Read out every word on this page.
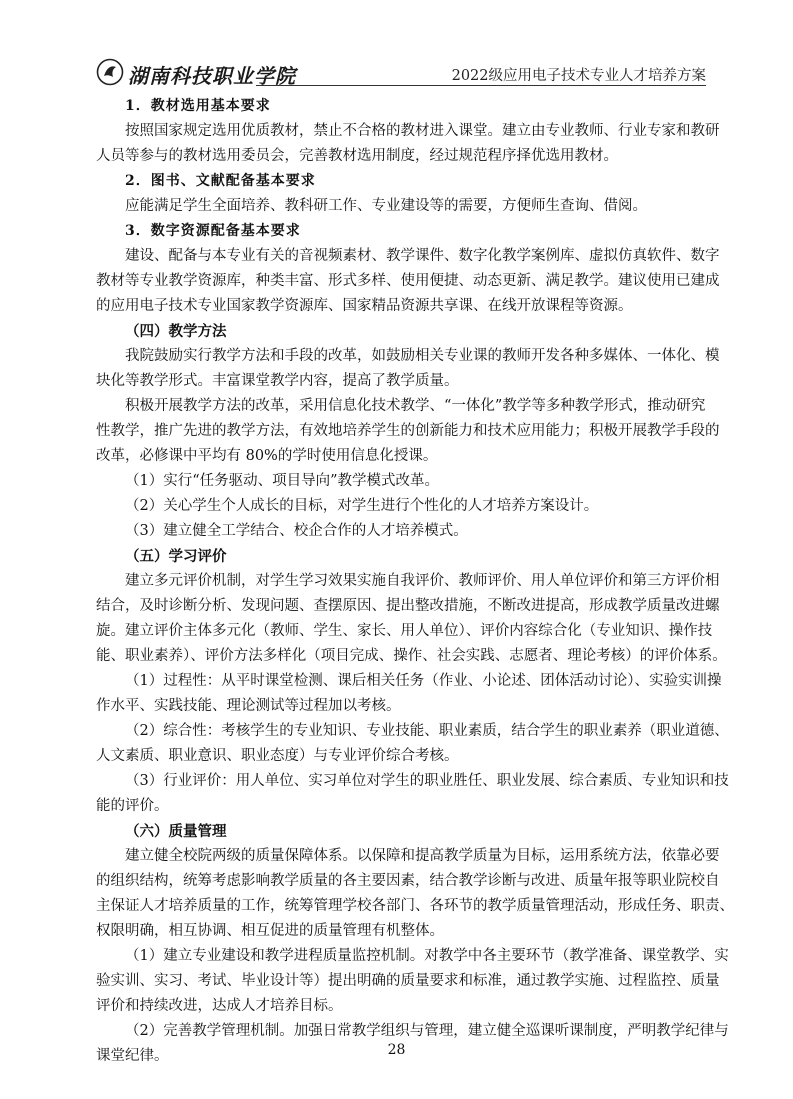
湖南科技职业学院	2022级应用电子技术专业人才培养方案
1．教材选用基本要求
按照国家规定选用优质教材，禁止不合格的教材进入课堂。建立由专业教师、行业专家和教研
人员等参与的教材选用委员会，完善教材选用制度，经过规范程序择优选用教材。
2．图书、文献配备基本要求
应能满足学生全面培养、教科研工作、专业建设等的需要，方便师生查询、借阅。
3．数字资源配备基本要求
建设、配备与本专业有关的音视频素材、教学课件、数字化教学案例库、虚拟仿真软件、数字
教材等专业教学资源库，种类丰富、形式多样、使用便捷、动态更新、满足教学。建议使用已建成
的应用电子技术专业国家教学资源库、国家精品资源共享课、在线开放课程等资源。
（四）教学方法
我院鼓励实行教学方法和手段的改革，如鼓励相关专业课的教师开发各种多媒体、一体化、模
块化等教学形式。丰富课堂教学内容，提高了教学质量。
积极开展教学方法的改革，采用信息化技术教学、“一体化”教学等多种教学形式，推动研究
性教学，推广先进的教学方法，有效地培养学生的创新能力和技术应用能力；积极开展教学手段的
改革，必修课中平均有 80%的学时使用信息化授课。
（1）实行“任务驱动、项目导向”教学模式改革。
（2）关心学生个人成长的目标，对学生进行个性化的人才培养方案设计。
（3）建立健全工学结合、校企合作的人才培养模式。
（五）学习评价
建立多元评价机制，对学生学习效果实施自我评价、教师评价、用人单位评价和第三方评价相
结合，及时诊断分析、发现问题、查摆原因、提出整改措施，不断改进提高，形成教学质量改进螺
旋。建立评价主体多元化（教师、学生、家长、用人单位）、评价内容综合化（专业知识、操作技
能、职业素养）、评价方法多样化（项目完成、操作、社会实践、志愿者、理论考核）的评价体系。
（1）过程性：从平时课堂检测、课后相关任务（作业、小论述、团体活动讨论）、实验实训操
作水平、实践技能、理论测试等过程加以考核。
（2）综合性：考核学生的专业知识、专业技能、职业素质，结合学生的职业素养（职业道德、
人文素质、职业意识、职业态度）与专业评价综合考核。
（3）行业评价：用人单位、实习单位对学生的职业胜任、职业发展、综合素质、专业知识和技
能的评价。
（六）质量管理
建立健全校院两级的质量保障体系。以保障和提高教学质量为目标，运用系统方法，依靠必要
的组织结构，统筹考虑影响教学质量的各主要因素，结合教学诊断与改进、质量年报等职业院校自
主保证人才培养质量的工作，统筹管理学校各部门、各环节的教学质量管理活动，形成任务、职责、
权限明确，相互协调、相互促进的质量管理有机整体。
（1）建立专业建设和教学进程质量监控机制。对教学中各主要环节（教学准备、课堂教学、实
验实训、实习、考试、毕业设计等）提出明确的质量要求和标准，通过教学实施、过程监控、质量
评价和持续改进，达成人才培养目标。
（2）完善教学管理机制。加强日常教学组织与管理，建立健全巡课听课制度，严明教学纪律与
课堂纪律。	28
